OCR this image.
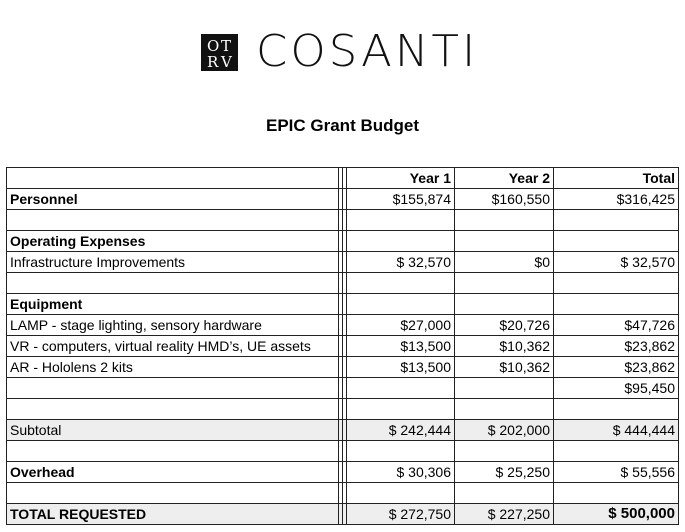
O T
R V COSANTI
EPIC Grant Budget
			Year 1	Year 2	Total
Personnel			$155,874	$160,550	$316,425

Operating Expenses					
Infrastructure Improvements			$ 32,570	$0	$ 32,570

Equipment					
LAMP - stage lighting, sensory hardware			$27,000	$20,726	$47,726
VR - computers, virtual reality HMD’s, UE assets			$13,500	$10,362	$23,862
AR - Hololens 2 kits			$13,500	$10,362	$23,862
					$95,450

Subtotal			$ 242,444	$ 202,000	$ 444,444

Overhead			$ 30,306	$ 25,250	$ 55,556

TOTAL REQUESTED			$ 272,750	$ 227,250	$ 500,000
